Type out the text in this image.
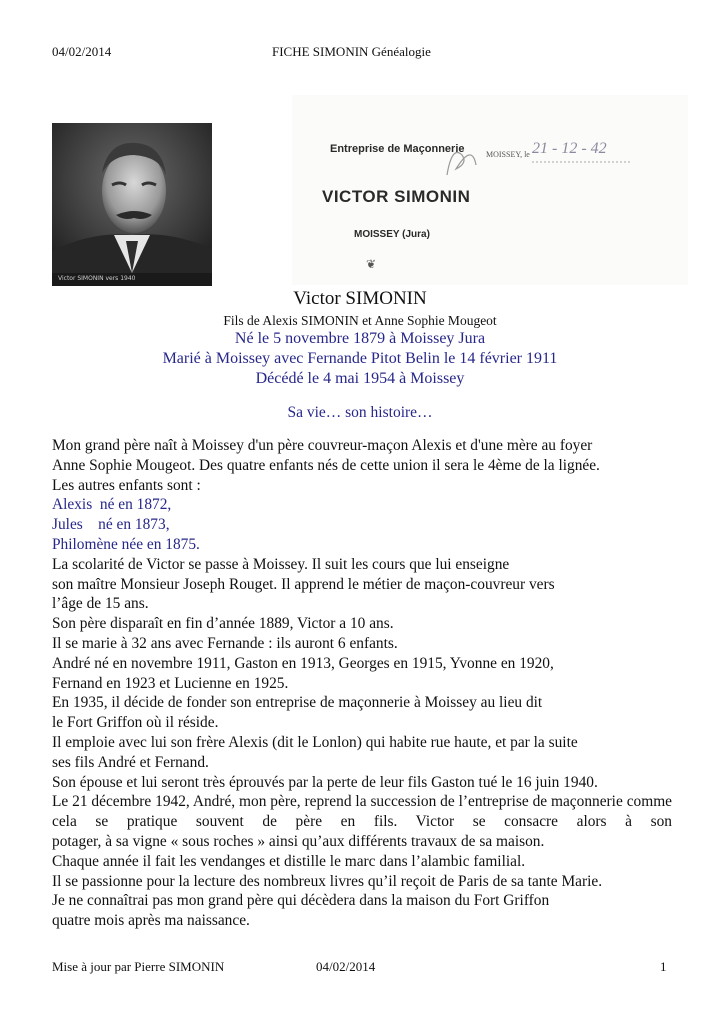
04/02/2014	FICHE SIMONIN Généalogie
Victor SIMONIN vers 1940
Entreprise de Maçonnerie
VICTOR SIMONIN
MOISSEY (Jura)
❦
MOISSEY, le 21 - 12 - 42
Victor SIMONIN
Fils de Alexis SIMONIN et Anne Sophie Mougeot
Né le 5 novembre 1879 à Moissey Jura
Marié à Moissey avec Fernande Pitot Belin le 14 février 1911
Décédé le 4 mai 1954 à Moissey
Sa vie… son histoire…
Mon grand père naît à Moissey d'un père couvreur-maçon Alexis et d'une mère au foyer
Anne Sophie Mougeot. Des quatre enfants nés de cette union il sera le 4ème de la lignée.
Les autres enfants sont :
Alexis  né en 1872,
Jules    né en 1873,
Philomène née en 1875.
La scolarité de Victor se passe à Moissey. Il suit les cours que lui enseigne
son maître Monsieur Joseph Rouget. Il apprend le métier de maçon-couvreur vers
l’âge de 15 ans.
Son père disparaît en fin d’année 1889, Victor a 10 ans.
Il se marie à 32 ans avec Fernande : ils auront 6 enfants.
André né en novembre 1911, Gaston en 1913, Georges en 1915, Yvonne en 1920,
Fernand en 1923 et Lucienne en 1925.
En 1935, il décide de fonder son entreprise de maçonnerie à Moissey au lieu dit
le Fort Griffon où il réside.
Il emploie avec lui son frère Alexis (dit le Lonlon) qui habite rue haute, et par la suite
ses fils André et Fernand.
Son épouse et lui seront très éprouvés par la perte de leur fils Gaston tué le 16 juin 1940.
Le 21 décembre 1942, André, mon père, reprend la succession de l’entreprise de maçonnerie comme cela se pratique souvent de père en fils. Victor se consacre alors à son
potager, à sa vigne « sous roches » ainsi qu’aux différents travaux de sa maison.
Chaque année il fait les vendanges et distille le marc dans l’alambic familial.
Il se passionne pour la lecture des nombreux livres qu’il reçoit de Paris de sa tante Marie.
Je ne connaîtrai pas mon grand père qui décèdera dans la maison du Fort Griffon
quatre mois après ma naissance.
Mise à jour par Pierre SIMONIN	04/02/2014	1
